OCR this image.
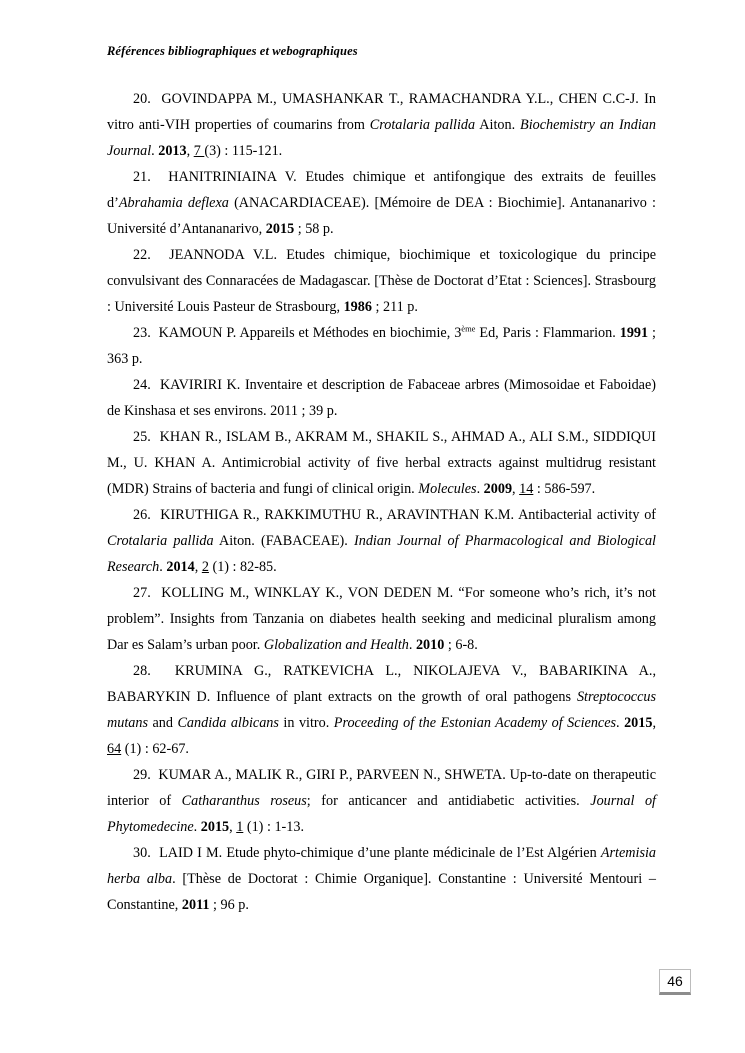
Références bibliographiques et webographiques

20. GOVINDAPPA M., UMASHANKAR T., RAMACHANDRA Y.L., CHEN C.C-J. In vitro anti-VIH properties of coumarins from Crotalaria pallida Aiton. Biochemistry an Indian Journal. 2013, 7 (3) : 115-121.

21. HANITRINIAINA V. Etudes chimique et antifongique des extraits de feuilles d’Abrahamia deflexa (ANACARDIACEAE). [Mémoire de DEA : Biochimie]. Antananarivo : Université d’Antananarivo, 2015 ; 58 p.

22. JEANNODA V.L. Etudes chimique, biochimique et toxicologique du principe convulsivant des Connaracées de Madagascar. [Thèse de Doctorat d’Etat : Sciences]. Strasbourg : Université Louis Pasteur de Strasbourg, 1986 ; 211 p.

23. KAMOUN P. Appareils et Méthodes en biochimie, 3ème Ed, Paris : Flammarion. 1991 ; 363 p.

24. KAVIRIRI K. Inventaire et description de Fabaceae arbres (Mimosoidae et Faboidae) de Kinshasa et ses environs. 2011 ; 39 p.

25. KHAN R., ISLAM B., AKRAM M., SHAKIL S., AHMAD A., ALI S.M., SIDDIQUI M., U. KHAN A. Antimicrobial activity of five herbal extracts against multidrug resistant (MDR) Strains of bacteria and fungi of clinical origin. Molecules. 2009, 14 : 586-597.

26. KIRUTHIGA R., RAKKIMUTHU R., ARAVINTHAN K.M. Antibacterial activity of Crotalaria pallida Aiton. (FABACEAE). Indian Journal of Pharmacological and Biological Research. 2014, 2 (1) : 82-85.

27. KOLLING M., WINKLAY K., VON DEDEN M. “For someone who’s rich, it’s not problem”. Insights from Tanzania on diabetes health seeking and medicinal pluralism among Dar es Salam’s urban poor. Globalization and Health. 2010 ; 6-8.

28. KRUMINA G., RATKEVICHA L., NIKOLAJEVA V., BABARIKINA A., BABARYKIN D. Influence of plant extracts on the growth of oral pathogens Streptococcus mutans and Candida albicans in vitro. Proceeding of the Estonian Academy of Sciences. 2015, 64 (1) : 62-67.

29. KUMAR A., MALIK R., GIRI P., PARVEEN N., SHWETA. Up-to-date on therapeutic interior of Catharanthus roseus; for anticancer and antidiabetic activities. Journal of Phytomedecine. 2015, 1 (1) : 1-13.

30. LAID I M. Etude phyto-chimique d’une plante médicinale de l’Est Algérien Artemisia herba alba. [Thèse de Doctorat : Chimie Organique]. Constantine : Université Mentouri – Constantine, 2011 ; 96 p.

46
